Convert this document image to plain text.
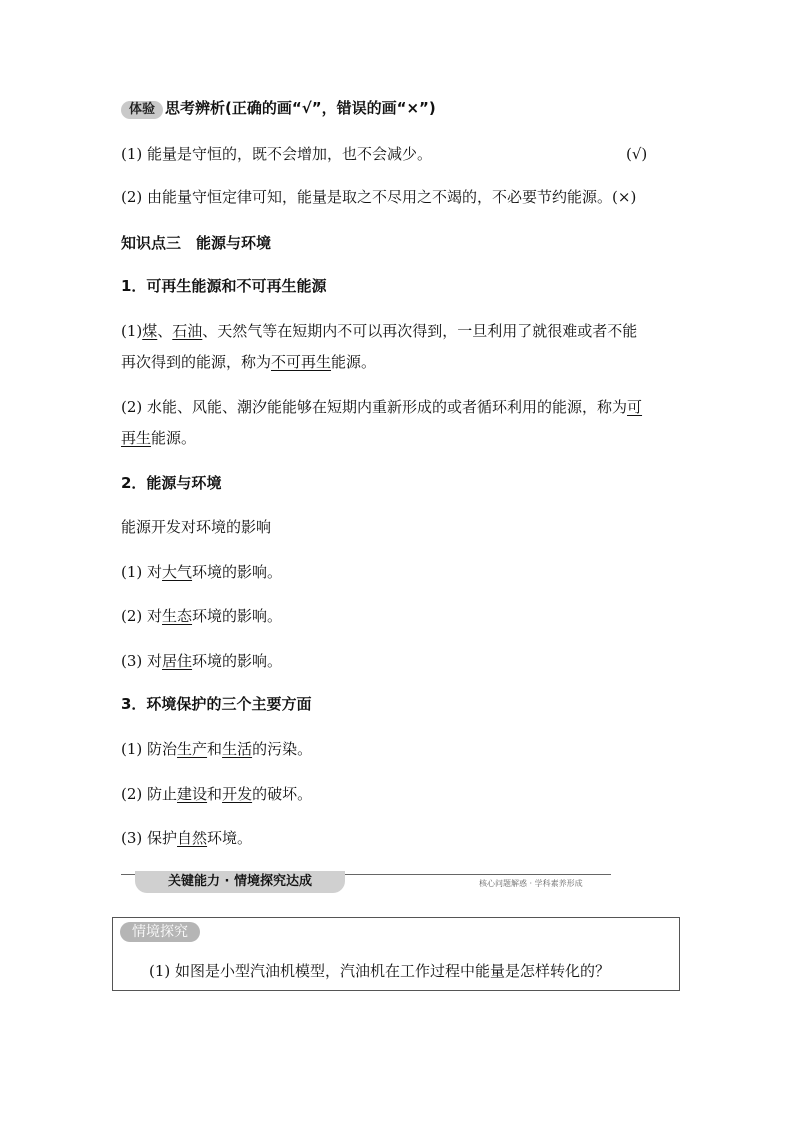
体验 思考辨析(正确的画“√”，错误的画“×”)
(1) 能量是守恒的，既不会增加，也不会减少。	(√)
(2) 由能量守恒定律可知，能量是取之不尽用之不竭的，不必要节约能源。(×)
知识点三　能源与环境
1．可再生能源和不可再生能源
(1)煤、石油、天然气等在短期内不可以再次得到，一旦利用了就很难或者不能
再次得到的能源，称为不可再生能源。
(2) 水能、风能、潮汐能能够在短期内重新形成的或者循环利用的能源，称为可
再生能源。
2．能源与环境
能源开发对环境的影响
(1) 对大气环境的影响。
(2) 对生态环境的影响。
(3) 对居住环境的影响。
3．环境保护的三个主要方面
(1) 防治生产和生活的污染。
(2) 防止建设和开发的破坏。
(3) 保护自然环境。
关键能力 · 情境探究达成	核心问题解惑 · 学科素养形成
情境探究
(1) 如图是小型汽油机模型，汽油机在工作过程中能量是怎样转化的？
